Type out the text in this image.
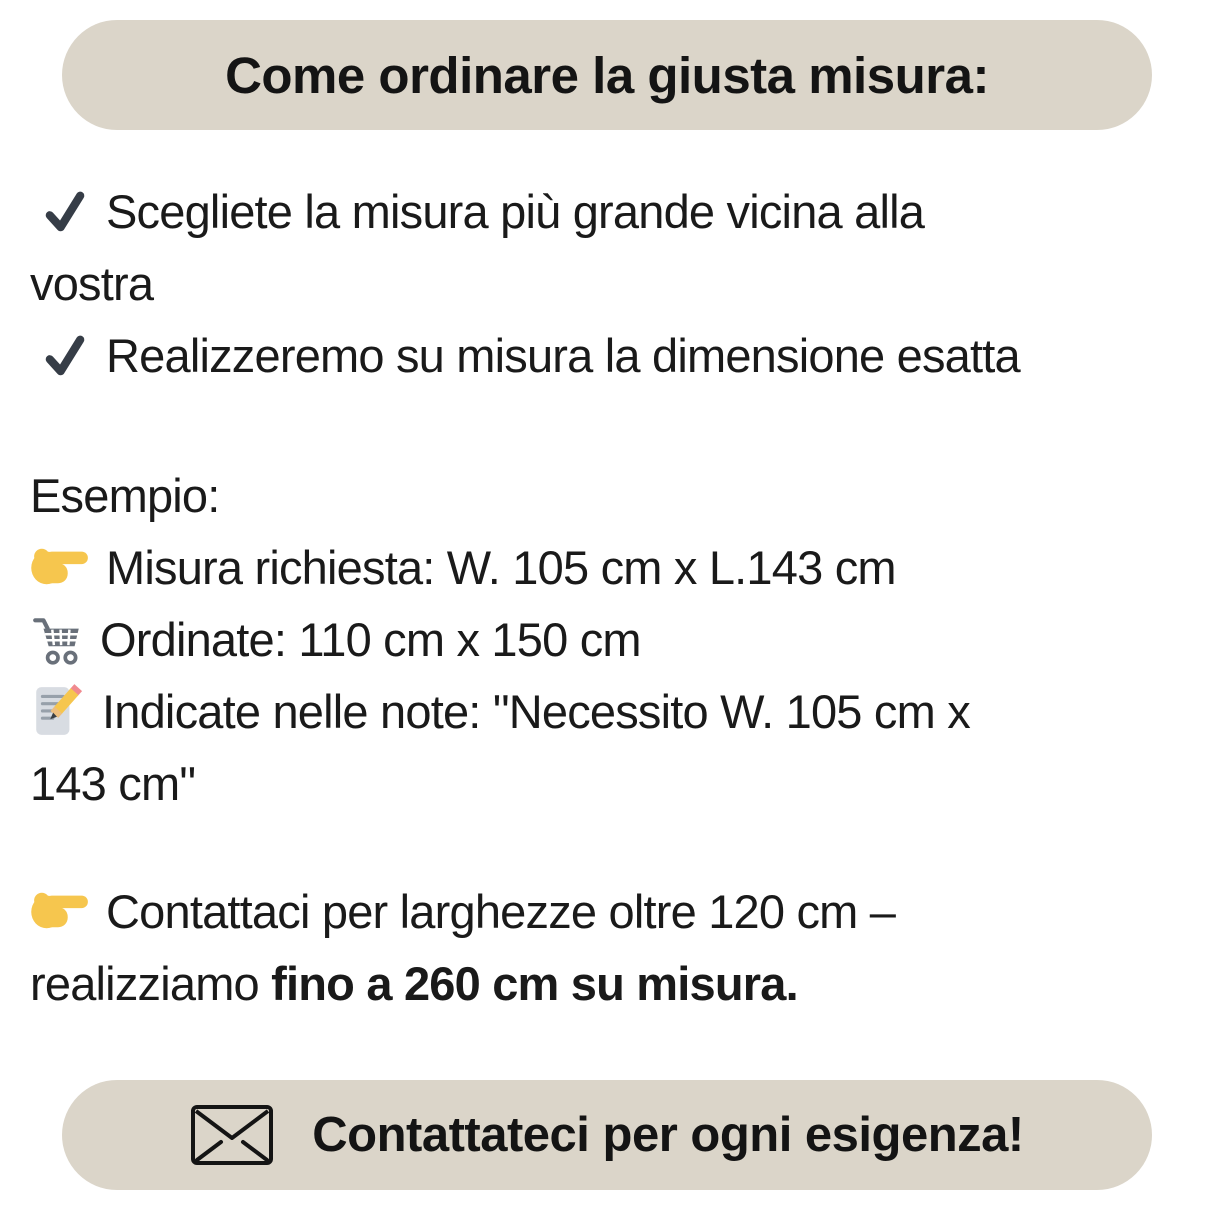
Come ordinare la giusta misura:
Scegliete la misura più grande vicina alla
vostra
Realizzeremo su misura la dimensione esatta
Esempio:
Misura richiesta: W. 105 cm x L.143 cm
Ordinate: 110 cm x 150 cm
Indicate nelle note: "Necessito W. 105 cm x
143 cm"
Contattaci per larghezze oltre 120 cm –
realizziamo fino a 260 cm su misura.
Contattateci per ogni esigenza!
